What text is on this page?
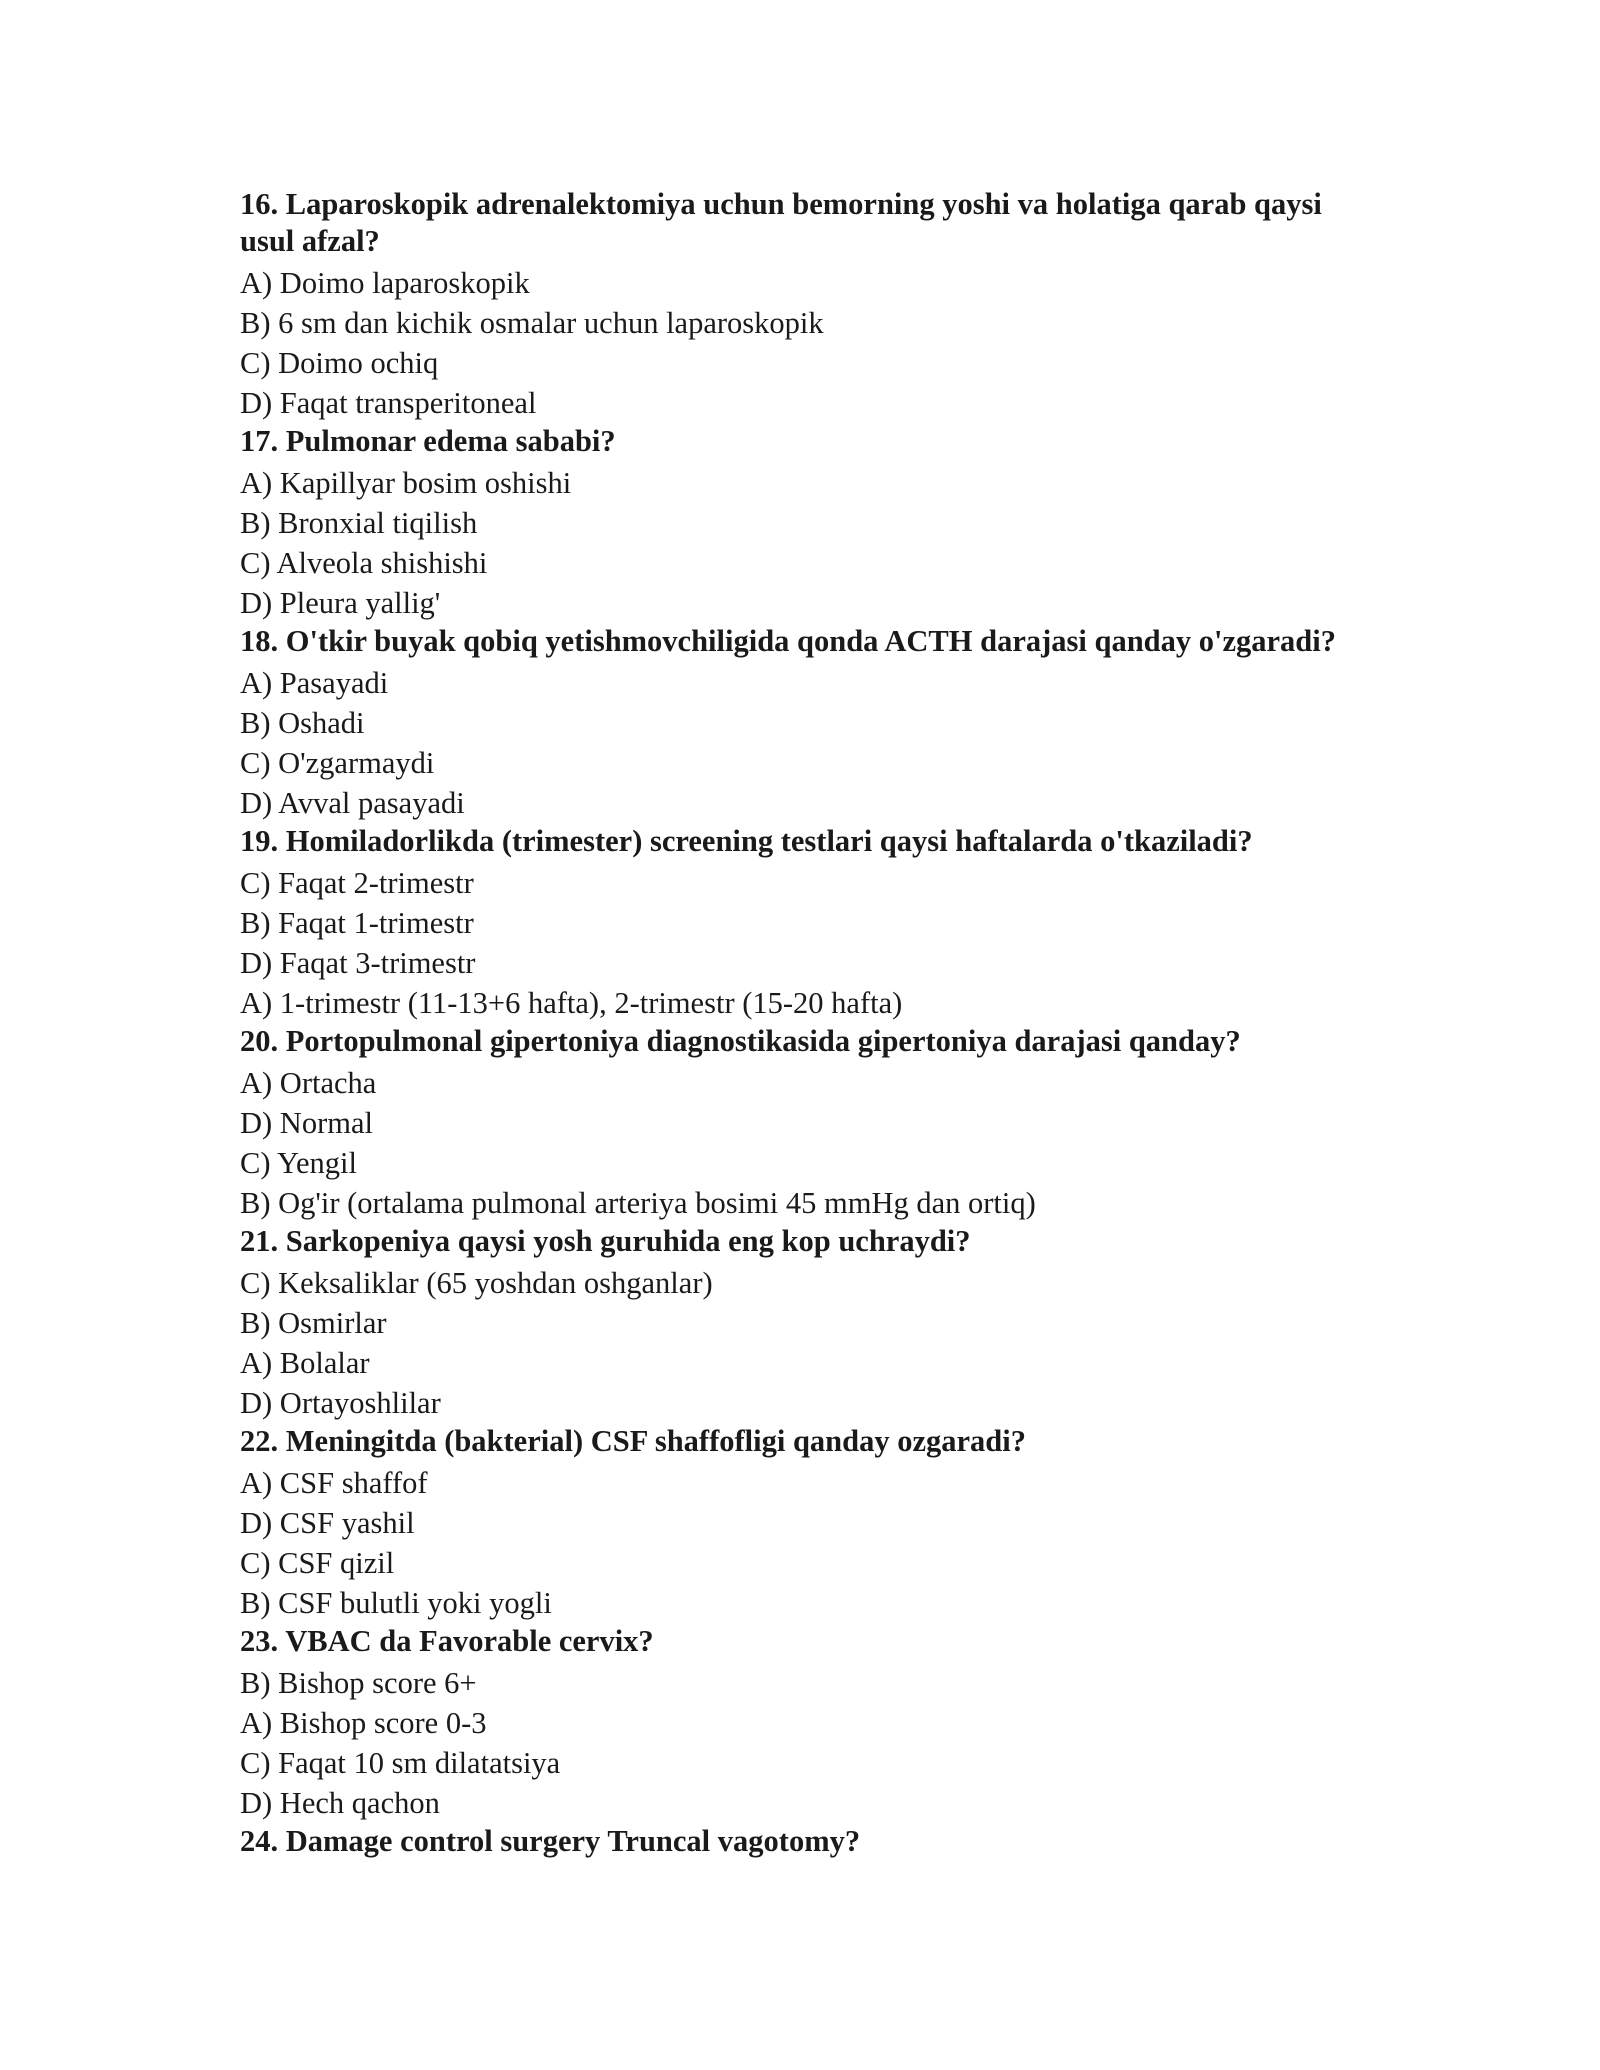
16. Laparoskopik adrenalektomiya uchun bemorning yoshi va holatiga qarab qaysi usul afzal?

A) Doimo laparoskopik

B) 6 sm dan kichik osmalar uchun laparoskopik

C) Doimo ochiq

D) Faqat transperitoneal

17. Pulmonar edema sababi?

A) Kapillyar bosim oshishi

B) Bronxial tiqilish

C) Alveola shishishi

D) Pleura yallig'

18. O'tkir buyak qobiq yetishmovchiligida qonda ACTH darajasi qanday o'zgaradi?

A) Pasayadi

B) Oshadi

C) O'zgarmaydi

D) Avval pasayadi

19. Homiladorlikda (trimester) screening testlari qaysi haftalarda o'tkaziladi?

C) Faqat 2-trimestr

B) Faqat 1-trimestr

D) Faqat 3-trimestr

A) 1-trimestr (11-13+6 hafta), 2-trimestr (15-20 hafta)

20. Portopulmonal gipertoniya diagnostikasida gipertoniya darajasi qanday?

A) Ortacha

D) Normal

C) Yengil

B) Og'ir (ortalama pulmonal arteriya bosimi 45 mmHg dan ortiq)

21. Sarkopeniya qaysi yosh guruhida eng kop uchraydi?

C) Keksaliklar (65 yoshdan oshganlar)

B) Osmirlar

A) Bolalar

D) Ortayoshlilar

22. Meningitda (bakterial) CSF shaffofligi qanday ozgaradi?

A) CSF shaffof

D) CSF yashil

C) CSF qizil

B) CSF bulutli yoki yogli

23. VBAC da Favorable cervix?

B) Bishop score 6+

A) Bishop score 0-3

C) Faqat 10 sm dilatatsiya

D) Hech qachon

24. Damage control surgery Truncal vagotomy?
